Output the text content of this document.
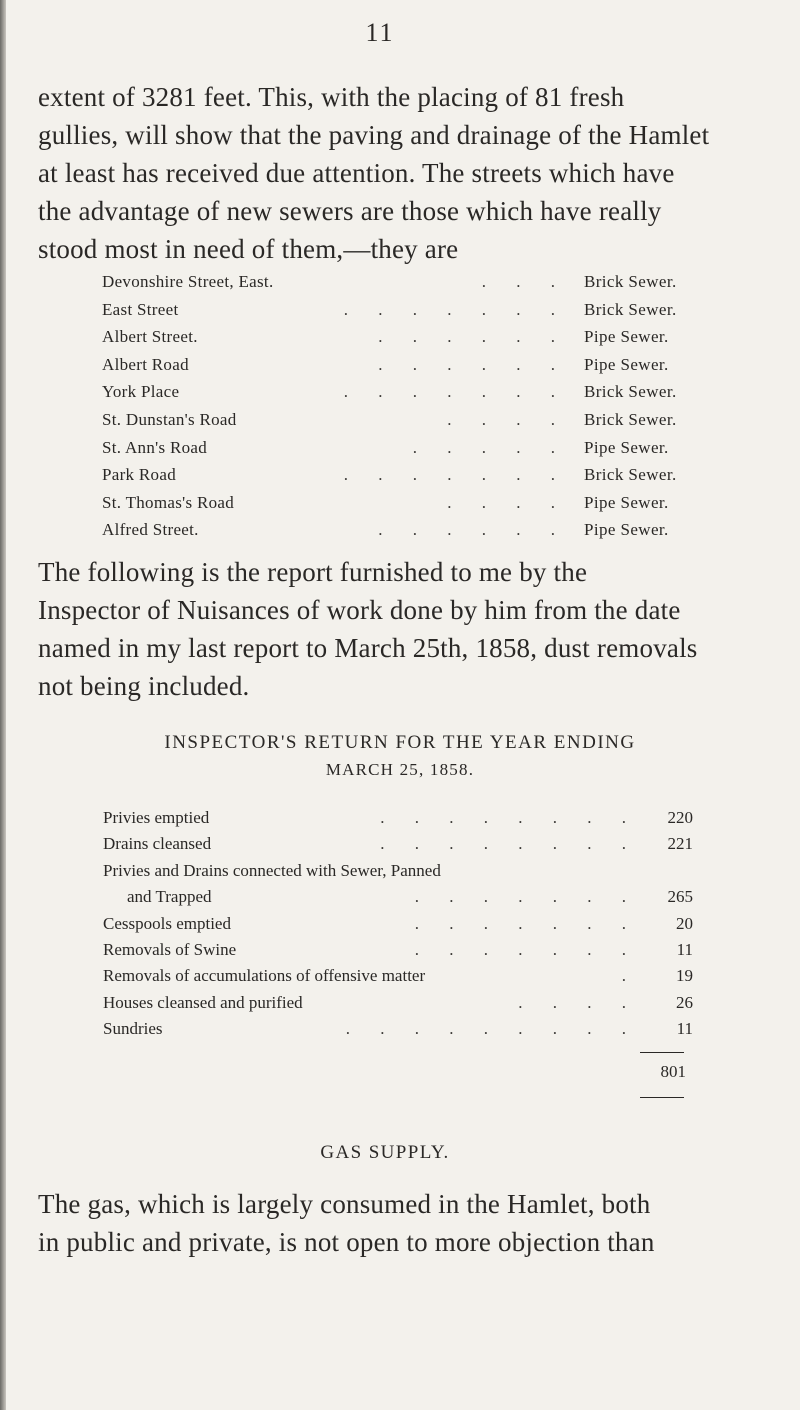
11
extent of 3281 feet. This, with the placing of 81 fresh
gullies, will show that the paving and drainage of the Hamlet
at least has received due attention. The streets which have
the advantage of new sewers are those which have really
stood most in need of them,—they are
Devonshire Street, East.	. . . Brick Sewer.
East Street	. . . . . . . Brick Sewer.
Albert Street.	. . . . . . Pipe Sewer.
Albert Road	. . . . . . Pipe Sewer.
York Place	. . . . . . . Brick Sewer.
St. Dunstan's Road	. . . . Brick Sewer.
St. Ann's Road	. . . . . Pipe Sewer.
Park Road	. . . . . . . Brick Sewer.
St. Thomas's Road	. . . . Pipe Sewer.
Alfred Street.	. . . . . . Pipe Sewer.
The following is the report furnished to me by the
Inspector of Nuisances of work done by him from the date
named in my last report to March 25th, 1858, dust removals
not being included.
INSPECTOR'S RETURN FOR THE YEAR ENDING
MARCH 25, 1858.
Privies emptied	. . . . . . . .	220
Drains cleansed	. . . . . . . .	221
Privies and Drains connected with Sewer, Panned
and Trapped	. . . . . . .	265
Cesspools emptied	. . . . . . .	20
Removals of Swine	. . . . . . .	11
Removals of accumulations of offensive matter	.	19
Houses cleansed and purified	. . . .	26
Sundries	. . . . . . . . .	11
801
GAS SUPPLY.
The gas, which is largely consumed in the Hamlet, both
in public and private, is not open to more objection than
